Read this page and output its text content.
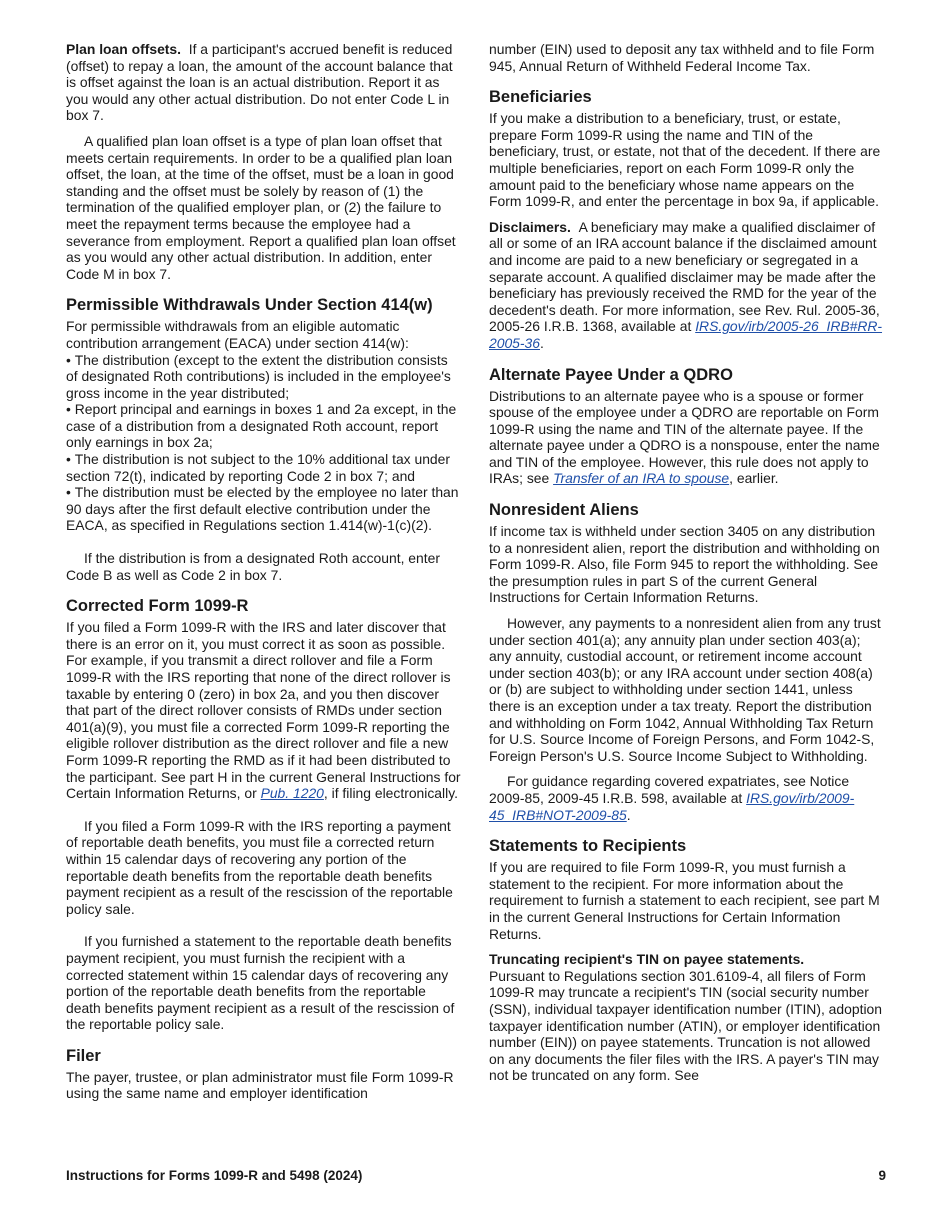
Plan loan offsets. If a participant's accrued benefit is reduced (offset) to repay a loan, the amount of the account balance that is offset against the loan is an actual distribution. Report it as you would any other actual distribution. Do not enter Code L in box 7.

A qualified plan loan offset is a type of plan loan offset that meets certain requirements. In order to be a qualified plan loan offset, the loan, at the time of the offset, must be a loan in good standing and the offset must be solely by reason of (1) the termination of the qualified employer plan, or (2) the failure to meet the repayment terms because the employee had a severance from employment. Report a qualified plan loan offset as you would any other actual distribution. In addition, enter Code M in box 7.

Permissible Withdrawals Under Section 414(w)

For permissible withdrawals from an eligible automatic contribution arrangement (EACA) under section 414(w):

• The distribution (except to the extent the distribution consists of designated Roth contributions) is included in the employee's gross income in the year distributed;

• Report principal and earnings in boxes 1 and 2a except, in the case of a distribution from a designated Roth account, report only earnings in box 2a;

• The distribution is not subject to the 10% additional tax under section 72(t), indicated by reporting Code 2 in box 7; and

• The distribution must be elected by the employee no later than 90 days after the first default elective contribution under the EACA, as specified in Regulations section 1.414(w)-1(c)(2).

If the distribution is from a designated Roth account, enter Code B as well as Code 2 in box 7.

Corrected Form 1099-R

If you filed a Form 1099-R with the IRS and later discover that there is an error on it, you must correct it as soon as possible. For example, if you transmit a direct rollover and file a Form 1099-R with the IRS reporting that none of the direct rollover is taxable by entering 0 (zero) in box 2a, and you then discover that part of the direct rollover consists of RMDs under section 401(a)(9), you must file a corrected Form 1099-R reporting the eligible rollover distribution as the direct rollover and file a new Form 1099-R reporting the RMD as if it had been distributed to the participant. See part H in the current General Instructions for Certain Information Returns, or Pub. 1220, if filing electronically.

If you filed a Form 1099-R with the IRS reporting a payment of reportable death benefits, you must file a corrected return within 15 calendar days of recovering any portion of the reportable death benefits from the reportable death benefits payment recipient as a result of the rescission of the reportable policy sale.

If you furnished a statement to the reportable death benefits payment recipient, you must furnish the recipient with a corrected statement within 15 calendar days of recovering any portion of the reportable death benefits from the reportable death benefits payment recipient as a result of the rescission of the reportable policy sale.

Filer

The payer, trustee, or plan administrator must file Form 1099-R using the same name and employer identification

number (EIN) used to deposit any tax withheld and to file Form 945, Annual Return of Withheld Federal Income Tax.

Beneficiaries

If you make a distribution to a beneficiary, trust, or estate, prepare Form 1099-R using the name and TIN of the beneficiary, trust, or estate, not that of the decedent. If there are multiple beneficiaries, report on each Form 1099-R only the amount paid to the beneficiary whose name appears on the Form 1099-R, and enter the percentage in box 9a, if applicable.

Disclaimers. A beneficiary may make a qualified disclaimer of all or some of an IRA account balance if the disclaimed amount and income are paid to a new beneficiary or segregated in a separate account. A qualified disclaimer may be made after the beneficiary has previously received the RMD for the year of the decedent's death. For more information, see Rev. Rul. 2005-36, 2005-26 I.R.B. 1368, available at IRS.gov/irb/2005-26_IRB#RR-2005-36.

Alternate Payee Under a QDRO

Distributions to an alternate payee who is a spouse or former spouse of the employee under a QDRO are reportable on Form 1099-R using the name and TIN of the alternate payee. If the alternate payee under a QDRO is a nonspouse, enter the name and TIN of the employee. However, this rule does not apply to IRAs; see Transfer of an IRA to spouse, earlier.

Nonresident Aliens

If income tax is withheld under section 3405 on any distribution to a nonresident alien, report the distribution and withholding on Form 1099-R. Also, file Form 945 to report the withholding. See the presumption rules in part S of the current General Instructions for Certain Information Returns.

However, any payments to a nonresident alien from any trust under section 401(a); any annuity plan under section 403(a); any annuity, custodial account, or retirement income account under section 403(b); or any IRA account under section 408(a) or (b) are subject to withholding under section 1441, unless there is an exception under a tax treaty. Report the distribution and withholding on Form 1042, Annual Withholding Tax Return for U.S. Source Income of Foreign Persons, and Form 1042-S, Foreign Person's U.S. Source Income Subject to Withholding.

For guidance regarding covered expatriates, see Notice 2009-85, 2009-45 I.R.B. 598, available at IRS.gov/irb/2009-45_IRB#NOT-2009-85.

Statements to Recipients

If you are required to file Form 1099-R, you must furnish a statement to the recipient. For more information about the requirement to furnish a statement to each recipient, see part M in the current General Instructions for Certain Information Returns.

Truncating recipient's TIN on payee statements.
Pursuant to Regulations section 301.6109-4, all filers of Form 1099-R may truncate a recipient's TIN (social security number (SSN), individual taxpayer identification number (ITIN), adoption taxpayer identification number (ATIN), or employer identification number (EIN)) on payee statements. Truncation is not allowed on any documents the filer files with the IRS. A payer's TIN may not be truncated on any form. See

Instructions for Forms 1099-R and 5498 (2024)	9
